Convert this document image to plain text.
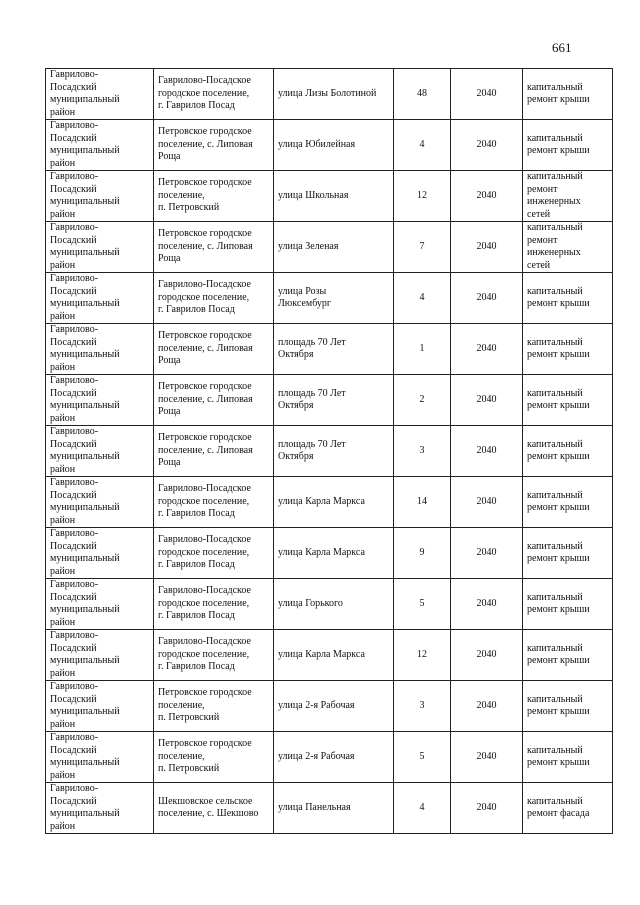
661
Гаврилово-
Посадский
муниципальный
район	Гаврилово-Посадское
городское поселение,
г. Гаврилов Посад	улица Лизы Болотиной	48	2040	капитальный
ремонт крыши

Гаврилово-
Посадский
муниципальный
район	Петровское городское
поселение, с. Липовая
Роща	улица Юбилейная	4	2040	капитальный
ремонт крыши

Гаврилово-
Посадский
муниципальный
район	Петровское городское
поселение,
п. Петровский	улица Школьная	12	2040	капитальный
ремонт
инженерных
сетей

Гаврилово-
Посадский
муниципальный
район	Петровское городское
поселение, с. Липовая
Роща	улица Зеленая	7	2040	капитальный
ремонт
инженерных
сетей

Гаврилово-
Посадский
муниципальный
район	Гаврилово-Посадское
городское поселение,
г. Гаврилов Посад	улица Розы
Люксембург	4	2040	капитальный
ремонт крыши

Гаврилово-
Посадский
муниципальный
район	Петровское городское
поселение, с. Липовая
Роща	площадь 70 Лет
Октября	1	2040	капитальный
ремонт крыши

Гаврилово-
Посадский
муниципальный
район	Петровское городское
поселение, с. Липовая
Роща	площадь 70 Лет
Октября	2	2040	капитальный
ремонт крыши

Гаврилово-
Посадский
муниципальный
район	Петровское городское
поселение, с. Липовая
Роща	площадь 70 Лет
Октября	3	2040	капитальный
ремонт крыши

Гаврилово-
Посадский
муниципальный
район	Гаврилово-Посадское
городское поселение,
г. Гаврилов Посад	улица Карла Маркса	14	2040	капитальный
ремонт крыши

Гаврилово-
Посадский
муниципальный
район	Гаврилово-Посадское
городское поселение,
г. Гаврилов Посад	улица Карла Маркса	9	2040	капитальный
ремонт крыши

Гаврилово-
Посадский
муниципальный
район	Гаврилово-Посадское
городское поселение,
г. Гаврилов Посад	улица Горького	5	2040	капитальный
ремонт крыши

Гаврилово-
Посадский
муниципальный
район	Гаврилово-Посадское
городское поселение,
г. Гаврилов Посад	улица Карла Маркса	12	2040	капитальный
ремонт крыши

Гаврилово-
Посадский
муниципальный
район	Петровское городское
поселение,
п. Петровский	улица 2-я Рабочая	3	2040	капитальный
ремонт крыши

Гаврилово-
Посадский
муниципальный
район	Петровское городское
поселение,
п. Петровский	улица 2-я Рабочая	5	2040	капитальный
ремонт крыши

Гаврилово-
Посадский
муниципальный
район	Шекшовское сельское
поселение, с. Шекшово	улица Панельная	4	2040	капитальный
ремонт фасада
